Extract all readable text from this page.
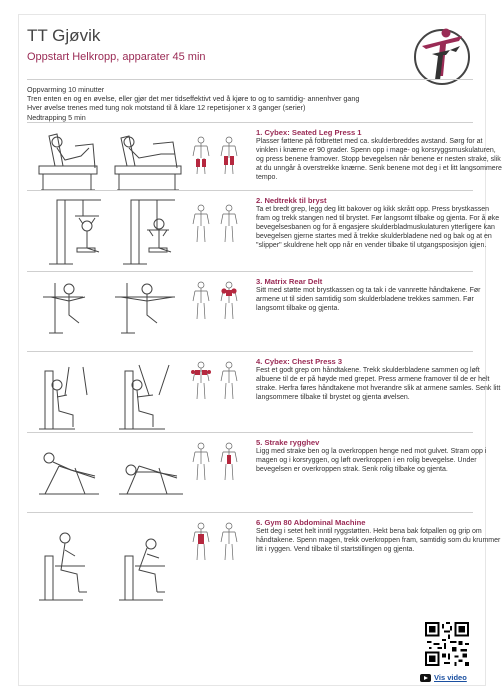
TT Gjøvik
Oppstart Helkropp, apparater 45 min
Oppvarming 10 minutter
Tren enten en og en øvelse, eller gjør det mer tidseffektivt ved å kjøre to og to samtidig- annenhver gang
Hver øvelse trenes med tung nok motstand til å klare 12 repetisjoner x 3 ganger (serier)
Nedtrapping 5 min
1. Cybex: Seated Leg Press 1
Plasser føttene på fotbrettet med ca. skulderbreddes avstand. Sørg for at vinklen i knærne er 90 grader. Spenn opp i mage- og korsryggsmuskulaturen, og press benene framover. Stopp bevegelsen når benene er nesten strake, slik at du unngår å overstrekke knærne. Senk benene mot deg i et litt langsommere tempo.
2. Nedtrekk til bryst
Ta et bredt grep, legg deg litt bakover og kikk skrått opp. Press brystkassen fram og trekk stangen ned til brystet. Før langsomt tilbake og gjenta. For å øke bevegelsesbanen og for å engasjere skulderbladmuskulaturen ytterligere kan bevegelsen gjerne startes med å trekke skulderbladene ned og bak og at en "slipper" skuldrene helt opp når en vender tilbake til utgangsposisjon igjen.
3. Matrix Rear Delt
Sitt med støtte mot brystkassen og ta tak i de vannrette håndtakene. Før armene ut til siden samtidig som skulderbladene trekkes sammen. Før langsomt tilbake og gjenta.
4. Cybex: Chest Press 3
Fest et godt grep om håndtakene. Trekk skulderbladene sammen og løft albuene til de er på høyde med grepet. Press armene framover til de er helt strake. Herfra føres håndtakene mot hverandre slik at armene samles. Senk litt langsommere tilbake til brystet og gjenta øvelsen.
5. Strake rygghev
Ligg med strake ben og la overkroppen henge ned mot gulvet. Stram opp i magen og i korsryggen, og løft overkroppen i en rolig bevegelse. Under bevegelsen er overkroppen strak. Senk rolig tilbake og gjenta.
6. Gym 80 Abdominal Machine
Sett deg i setet helt inntil ryggstøtten. Hekt bena bak fotpallen og grip om håndtakene. Spenn magen, trekk overkroppen fram, samtidig som du krummer litt i ryggen. Vend tilbake til startstillingen og gjenta.
Vis video
